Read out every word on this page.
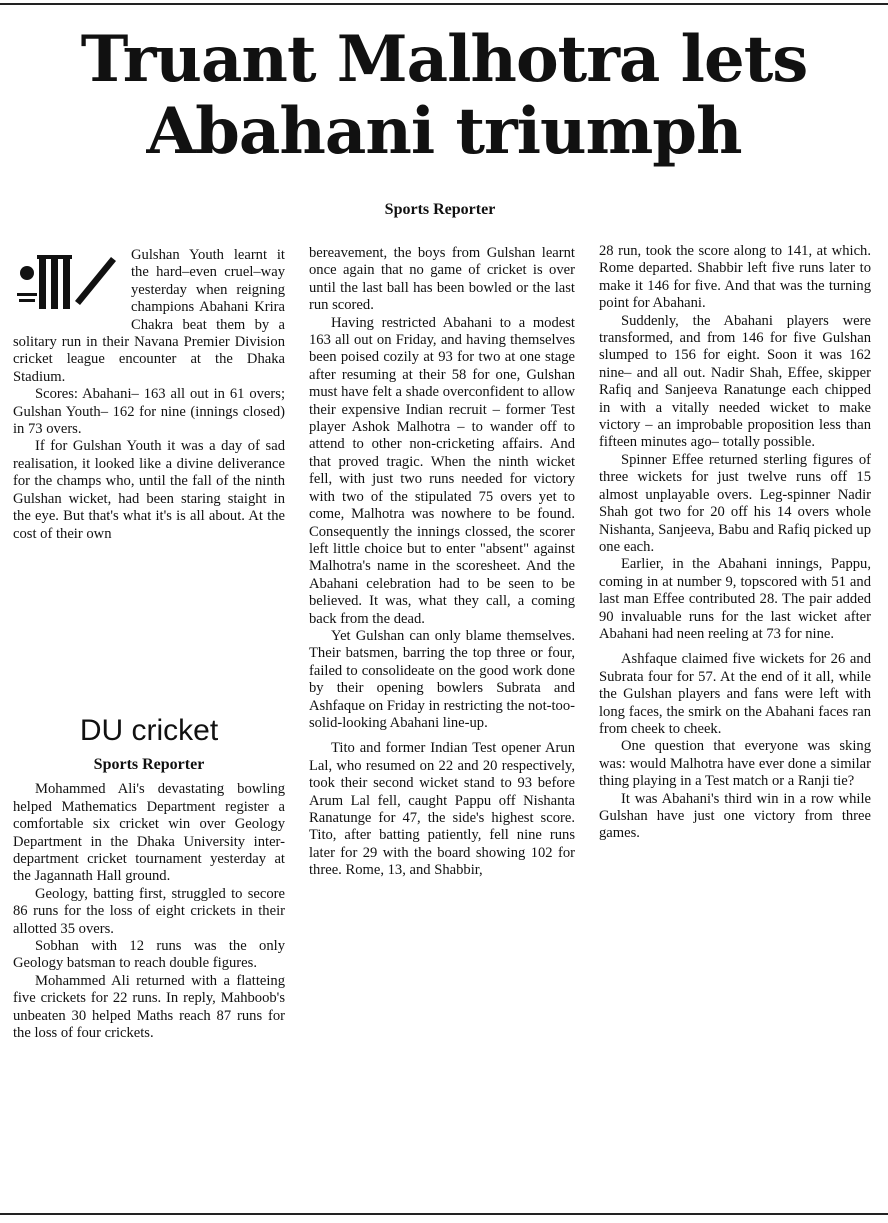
Truant Malhotra lets
Abahani triumph
Sports Reporter

Gulshan Youth learnt it the hard–even cruel–way yesterday when reigning champions Abahani Krira Chakra beat them by a solitary run in their Navana Premier Division cricket league encounter at the Dhaka Stadium.

Scores: Abahani– 163 all out in 61 overs; Gulshan Youth– 162 for nine (innings closed) in 73 overs.

If for Gulshan Youth it was a day of sad realisation, it looked like a divine deliverance for the champs who, until the fall of the ninth Gulshan wicket, had been staring staight in the eye. But that's what it's is all about. At the cost of their own

DU cricket
Sports Reporter

Mohammed Ali's devastating bowling helped Mathematics Department register a comfortable six cricket win over Geology Department in the Dhaka University inter-department cricket tournament yesterday at the Jagannath Hall ground.

Geology, batting first, struggled to secore 86 runs for the loss of eight crickets in their allotted 35 overs.

Sobhan with 12 runs was the only Geology batsman to reach double figures.

Mohammed Ali returned with a flatteing five crickets for 22 runs. In reply, Mahboob's unbeaten 30 helped Maths reach 87 runs for the loss of four crickets.

bereavement, the boys from Gulshan learnt once again that no game of cricket is over until the last ball has been bowled or the last run scored.

Having restricted Abahani to a modest 163 all out on Friday, and having themselves been poised cozily at 93 for two at one stage after resuming at their 58 for one, Gulshan must have felt a shade overconfident to allow their expensive Indian recruit – former Test player Ashok Malhotra – to wander off to attend to other non-cricketing affairs. And that proved tragic. When the ninth wicket fell, with just two runs needed for victory with two of the stipulated 75 overs yet to come, Malhotra was nowhere to be found. Consequently the innings clossed, the scorer left little choice but to enter "absent" against Malhotra's name in the scoresheet. And the Abahani celebration had to be seen to be believed. It was, what they call, a coming back from the dead.

Yet Gulshan can only blame themselves. Their batsmen, barring the top three or four, failed to consolideate on the good work done by their opening bowlers Subrata and Ashfaque on Friday in restricting the not-too-solid-looking Abahani line-up.

Tito and former Indian Test opener Arun Lal, who resumed on 22 and 20 respectively, took their second wicket stand to 93 before Arum Lal fell, caught Pappu off Nishanta Ranatunge for 47, the side's highest score. Tito, after batting patiently, fell nine runs later for 29 with the board showing 102 for three. Rome, 13, and Shabbir,

28 run, took the score along to 141, at which. Rome departed. Shabbir left five runs later to make it 146 for five. And that was the turning point for Abahani.

Suddenly, the Abahani players were transformed, and from 146 for five Gulshan slumped to 156 for eight. Soon it was 162 nine– and all out. Nadir Shah, Effee, skipper Rafiq and Sanjeeva Ranatunge each chipped in with a vitally needed wicket to make victory – an improbable proposition less than fifteen minutes ago– totally possible.

Spinner Effee returned sterling figures of three wickets for just twelve runs off 15 almost unplayable overs. Leg-spinner Nadir Shah got two for 20 off his 14 overs whole Nishanta, Sanjeeva, Babu and Rafiq picked up one each.

Earlier, in the Abahani innings, Pappu, coming in at number 9, topscored with 51 and last man Effee contributed 28. The pair added 90 invaluable runs for the last wicket after Abahani had neen reeling at 73 for nine.

Ashfaque claimed five wickets for 26 and Subrata four for 57. At the end of it all, while the Gulshan players and fans were left with long faces, the smirk on the Abahani faces ran from cheek to cheek.

One question that everyone was sking was: would Malhotra have ever done a similar thing playing in a Test match or a Ranji tie?

It was Abahani's third win in a row while Gulshan have just one victory from three games.
